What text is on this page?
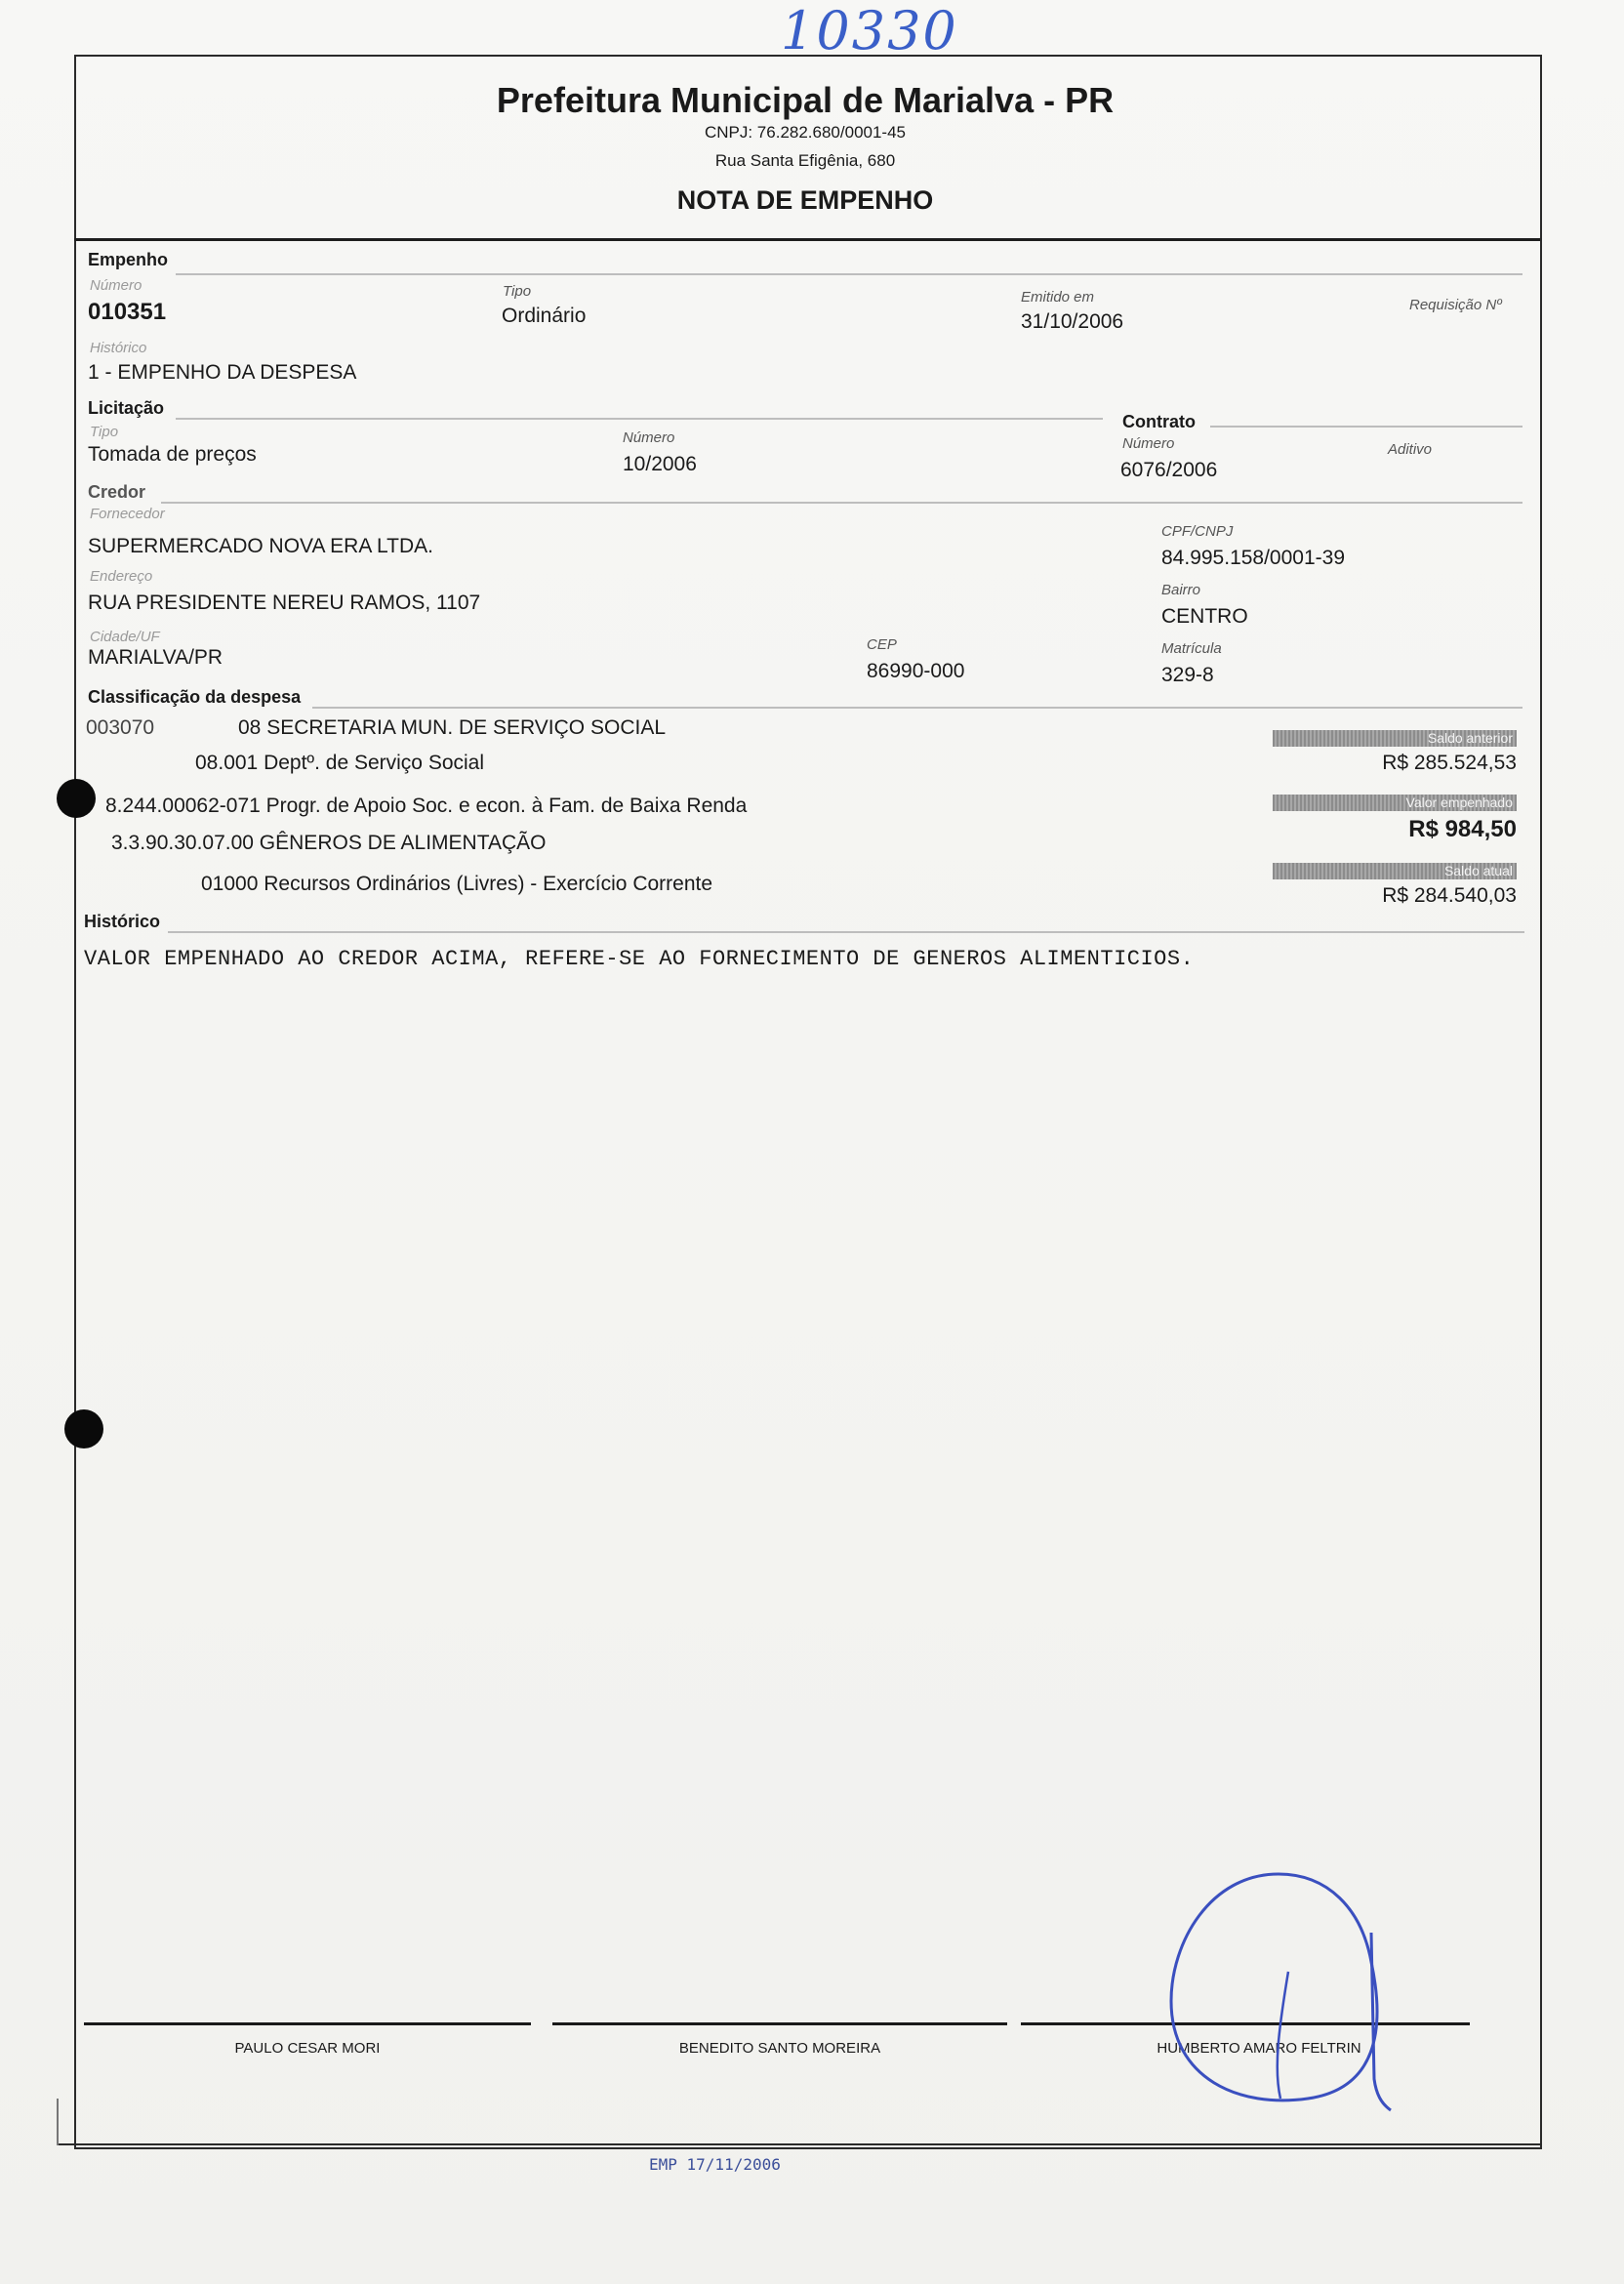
10330
Prefeitura Municipal de Marialva - PR
CNPJ: 76.282.680/0001-45
Rua Santa Efigênia, 680
NOTA DE EMPENHO
Empenho
Número
010351
Tipo
Ordinário
Emitido em
31/10/2006
Requisição Nº
Histórico
1 - EMPENHO DA DESPESA
Licitação
Tipo
Tomada de preços
Número
10/2006
Contrato
Número
6076/2006
Aditivo
Credor
Fornecedor
SUPERMERCADO NOVA ERA LTDA.
CPF/CNPJ
84.995.158/0001-39
Endereço
RUA PRESIDENTE NEREU RAMOS, 1107
Bairro
CENTRO
Cidade/UF
MARIALVA/PR
CEP
86990-000
Matrícula
329-8
Classificação da despesa
003070	08 SECRETARIA MUN. DE SERVIÇO SOCIAL
08.001 Deptº. de Serviço Social
8.244.00062-071 Progr. de Apoio Soc. e econ. à Fam. de Baixa Renda
3.3.90.30.07.00 GÊNEROS DE ALIMENTAÇÃO
01000 Recursos Ordinários (Livres) - Exercício Corrente
Saldo anterior
R$ 285.524,53
Valor empenhado
R$ 984,50
Saldo atual
R$ 284.540,03
Histórico
VALOR EMPENHADO AO CREDOR ACIMA, REFERE-SE AO FORNECIMENTO DE GENEROS ALIMENTICIOS.
PAULO CESAR MORI	BENEDITO SANTO MOREIRA	HUMBERTO AMARO FELTRIN
EMP 17/11/2006
